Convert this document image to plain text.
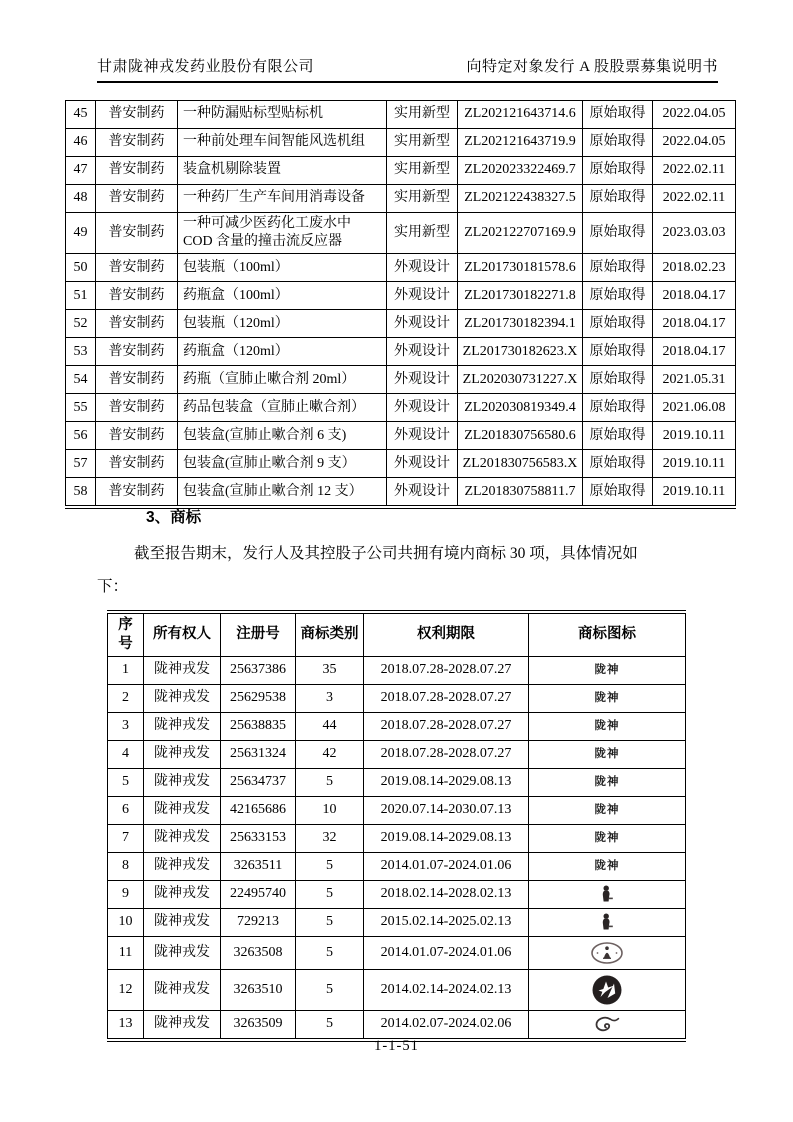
甘肃陇神戎发药业股份有限公司	向特定对象发行 A 股股票募集说明书
45	普安制药	一种防漏贴标型贴标机	实用新型	ZL202121643714.6	原始取得	2022.04.05
46	普安制药	一种前处理车间智能风选机组	实用新型	ZL202121643719.9	原始取得	2022.04.05
47	普安制药	装盒机剔除装置	实用新型	ZL202023322469.7	原始取得	2022.02.11
48	普安制药	一种药厂生产车间用消毒设备	实用新型	ZL202122438327.5	原始取得	2022.02.11
49	普安制药	一种可减少医药化工废水中 COD 含量的撞击流反应器	实用新型	ZL202122707169.9	原始取得	2023.03.03
50	普安制药	包装瓶（100ml）	外观设计	ZL201730181578.6	原始取得	2018.02.23
51	普安制药	药瓶盒（100ml）	外观设计	ZL201730182271.8	原始取得	2018.04.17
52	普安制药	包装瓶（120ml）	外观设计	ZL201730182394.1	原始取得	2018.04.17
53	普安制药	药瓶盒（120ml）	外观设计	ZL201730182623.X	原始取得	2018.04.17
54	普安制药	药瓶（宣肺止嗽合剂 20ml）	外观设计	ZL202030731227.X	原始取得	2021.05.31
55	普安制药	药品包装盒（宣肺止嗽合剂）	外观设计	ZL202030819349.4	原始取得	2021.06.08
56	普安制药	包装盒(宣肺止嗽合剂 6 支)	外观设计	ZL201830756580.6	原始取得	2019.10.11
57	普安制药	包装盒(宣肺止嗽合剂 9 支）	外观设计	ZL201830756583.X	原始取得	2019.10.11
58	普安制药	包装盒(宣肺止嗽合剂 12 支）	外观设计	ZL201830758811.7	原始取得	2019.10.11
3、商标
截至报告期末，发行人及其控股子公司共拥有境内商标 30 项，具体情况如
下：
序号	所有权人	注册号	商标类别	权利期限	商标图标
1	陇神戎发	25637386	35	2018.07.28-2028.07.27	陇神
2	陇神戎发	25629538	3	2018.07.28-2028.07.27	陇神
3	陇神戎发	25638835	44	2018.07.28-2028.07.27	陇神
4	陇神戎发	25631324	42	2018.07.28-2028.07.27	陇神
5	陇神戎发	25634737	5	2019.08.14-2029.08.13	陇神
6	陇神戎发	42165686	10	2020.07.14-2030.07.13	陇神
7	陇神戎发	25633153	32	2019.08.14-2029.08.13	陇神
8	陇神戎发	3263511	5	2014.01.07-2024.01.06	陇神
9	陇神戎发	22495740	5	2018.02.14-2028.02.13	

10	陇神戎发	729213	5	2015.02.14-2025.02.13	

11	陇神戎发	3263508	5	2014.01.07-2024.01.06	

12	陇神戎发	3263510	5	2014.02.14-2024.02.13	

13	陇神戎发	3263509	5	2014.02.07-2024.02.06	
1-1-51
